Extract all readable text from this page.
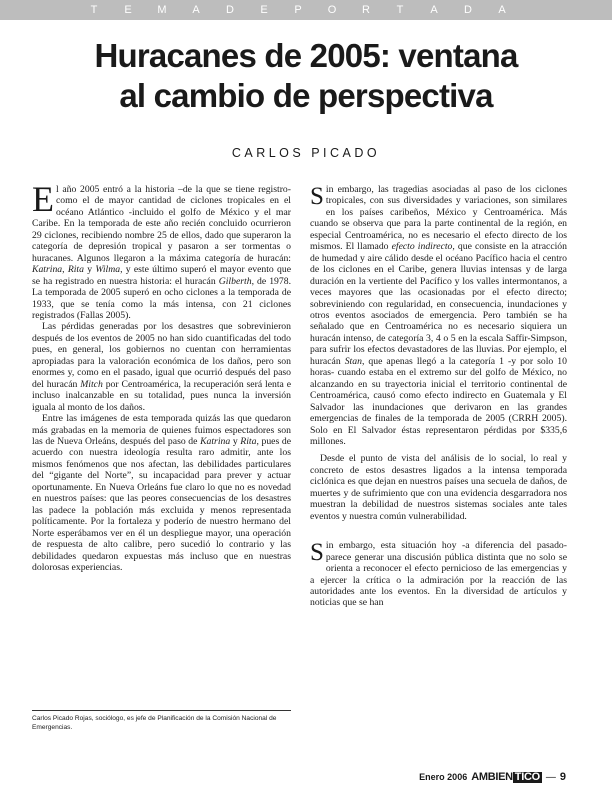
T E M A D E P O R T A D A
Huracanes de 2005: ventana
al cambio de perspectiva
CARLOS PICADO

El año 2005 entró a la historia –de la que se tiene registro- como el de mayor cantidad de ciclones tropicales en el océano Atlántico -incluido el golfo de México y el mar Caribe. En la temporada de este año recién concluido ocurrieron 29 ciclones, recibiendo nombre 25 de ellos, dado que superaron la categoría de depresión tropical y pasaron a ser tormentas o huracanes. Algunos llegaron a la máxima categoría de huracán: Katrina, Rita y Wilma, y este último superó el mayor evento que se ha registrado en nuestra historia: el huracán Gilberth, de 1978. La temporada de 2005 superó en ocho ciclones a la temporada de 1933, que se tenía como la más intensa, con 21 ciclones registrados (Fallas 2005).

Las pérdidas generadas por los desastres que sobrevinieron después de los eventos de 2005 no han sido cuantificadas del todo pues, en general, los gobiernos no cuentan con herramientas apropiadas para la valoración económica de los daños, pero son enormes y, como en el pasado, igual que ocurrió después del paso del huracán Mitch por Centroamérica, la recuperación será lenta e incluso inalcanzable en su totalidad, pues nunca la inversión iguala al monto de los daños.

Entre las imágenes de esta temporada quizás las que quedaron más grabadas en la memoria de quienes fuimos espectadores son las de Nueva Orleáns, después del paso de Katrina y Rita, pues de acuerdo con nuestra ideología resulta raro admitir, ante los mismos fenómenos que nos afectan, las debilidades particulares del “gigante del Norte”, su incapacidad para prever y actuar oportunamente. En Nueva Orleáns fue claro lo que no es novedad en nuestros países: que las peores consecuencias de los desastres las padece la población más excluida y menos representada políticamente. Por la fortaleza y poderío de nuestro hermano del Norte esperábamos ver en él un despliegue mayor, una operación de respuesta de alto calibre, pero sucedió lo contrario y las debilidades quedaron expuestas más incluso que en nuestras dolorosas experiencias.

Carlos Picado Rojas, sociólogo, es jefe de Planificación de la Comisión Nacional de Emergencias.

Sin embargo, las tragedias asociadas al paso de los ciclones tropicales, con sus diversidades y variaciones, son similares en los países caribeños, México y Centroamérica. Más cuando se observa que para la parte continental de la región, en especial Centroamérica, no es necesario el efecto directo de los mismos. El llamado efecto indirecto, que consiste en la atracción de humedad y aire cálido desde el océano Pacífico hacia el centro de los ciclones en el Caribe, genera lluvias intensas y de larga duración en la vertiente del Pacífico y los valles intermontanos, a veces mayores que las ocasionadas por el efecto directo; sobreviniendo con regularidad, en consecuencia, inundaciones y otros eventos asociados de emergencia. Pero también se ha señalado que en Centroamérica no es necesario siquiera un huracán intenso, de categoría 3, 4 o 5 en la escala Saffir-Simpson, para sufrir los efectos devastadores de las lluvias. Por ejemplo, el huracán Stan, que apenas llegó a la categoría 1 -y por solo 10 horas- cuando estaba en el extremo sur del golfo de México, no alcanzando en su trayectoria inicial el territorio continental de Centroamérica, causó como efecto indirecto en Guatemala y El Salvador las inundaciones que derivaron en las grandes emergencias de finales de la temporada de 2005 (CRRH 2005). Solo en El Salvador éstas representaron pérdidas por $335,6 millones.

Desde el punto de vista del análisis de lo social, lo real y concreto de estos desastres ligados a la intensa temporada ciclónica es que dejan en nuestros países una secuela de daños, de muertes y de sufrimiento que con una evidencia desgarradora nos muestran la debilidad de nuestros sistemas sociales ante tales eventos y nuestra común vulnerabilidad.

Sin embargo, esta situación hoy -a diferencia del pasado- parece generar una discusión pública distinta que no solo se orienta a reconocer el efecto pernicioso de las emergencias y a ejercer la crítica o la admiración por la reacción de las autoridades ante los eventos. En la diversidad de artículos y noticias que se han

Enero 2006 AMBIEN TICO — 9
